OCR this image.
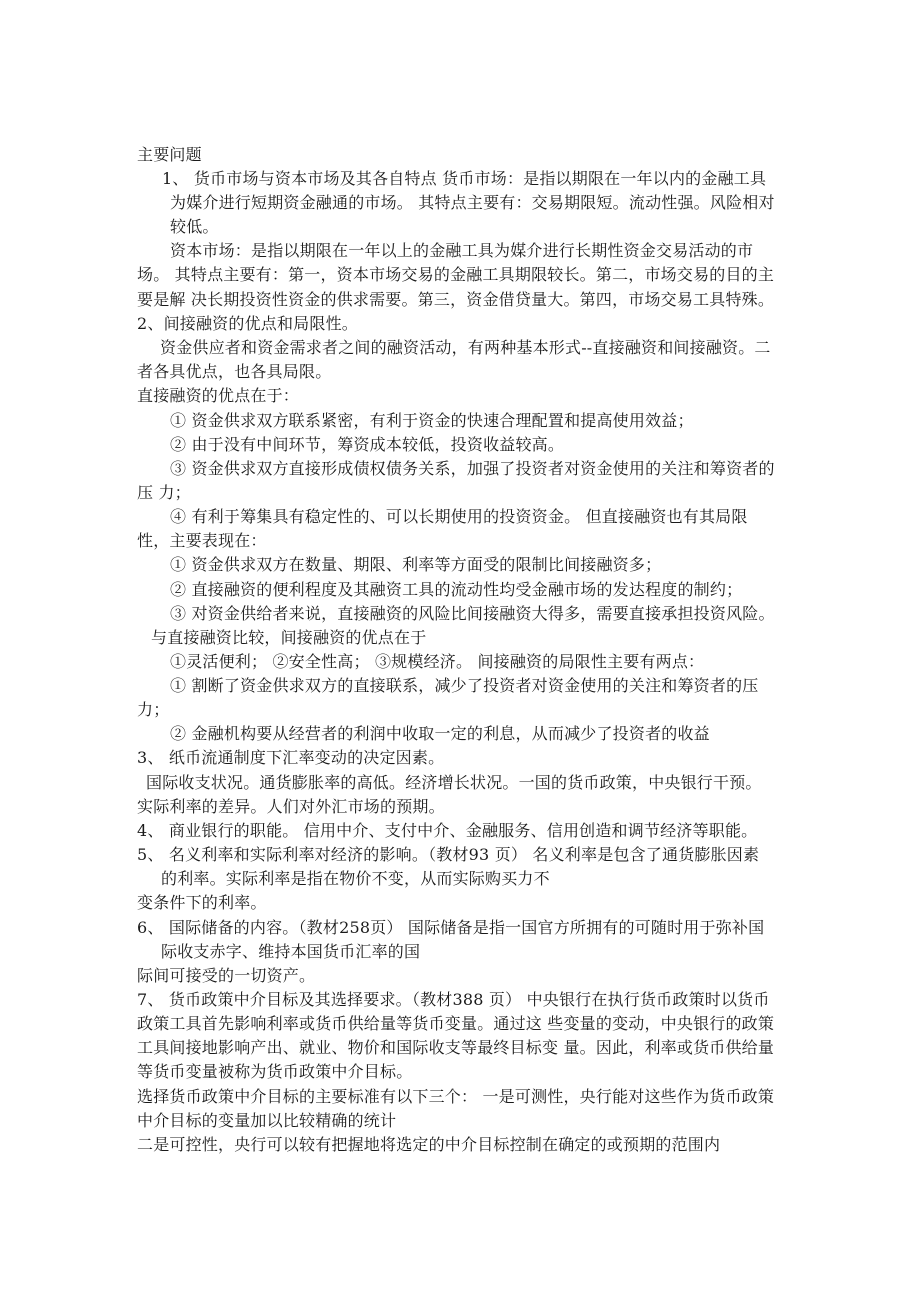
主要问题
1、 货币市场与资本市场及其各自特点 货币市场：是指以期限在一年以内的金融工具
为媒介进行短期资金融通的市场。 其特点主要有：交易期限短。流动性强。风险相对
较低。
资本市场：是指以期限在一年以上的金融工具为媒介进行长期性资金交易活动的市
场。 其特点主要有：第一，资本市场交易的金融工具期限较长。第二，市场交易的目的主
要是解 决长期投资性资金的供求需要。第三，资金借贷量大。第四，市场交易工具特殊。
2、间接融资的优点和局限性。
资金供应者和资金需求者之间的融资活动，有两种基本形式--直接融资和间接融资。二
者各具优点，也各具局限。
直接融资的优点在于：
① 资金供求双方联系紧密，有利于资金的快速合理配置和提高使用效益；
② 由于没有中间环节，筹资成本较低，投资收益较高。
③ 资金供求双方直接形成债权债务关系，加强了投资者对资金使用的关注和筹资者的
压 力；
④ 有利于筹集具有稳定性的、可以长期使用的投资资金。 但直接融资也有其局限
性，主要表现在：
① 资金供求双方在数量、期限、利率等方面受的限制比间接融资多；
② 直接融资的便利程度及其融资工具的流动性均受金融市场的发达程度的制约；
③ 对资金供给者来说，直接融资的风险比间接融资大得多，需要直接承担投资风险。
与直接融资比较，间接融资的优点在于
①灵活便利； ②安全性高； ③规模经济。 间接融资的局限性主要有两点：
① 割断了资金供求双方的直接联系，减少了投资者对资金使用的关注和筹资者的压
力；
② 金融机构要从经营者的利润中收取一定的利息，从而减少了投资者的收益
3、 纸币流通制度下汇率变动的决定因素。
国际收支状况。通货膨胀率的高低。经济增长状况。一国的货币政策，中央银行干预。
实际利率的差异。人们对外汇市场的预期。
4、 商业银行的职能。 信用中介、支付中介、金融服务、信用创造和调节经济等职能。
5、 名义利率和实际利率对经济的影响。（教材93 页） 名义利率是包含了通货膨胀因素
的利率。实际利率是指在物价不变，从而实际购买力不
变条件下的利率。
6、 国际储备的内容。（教材258页） 国际储备是指一国官方所拥有的可随时用于弥补国
际收支赤字、维持本国货币汇率的国
际间可接受的一切资产。
7、 货币政策中介目标及其选择要求。（教材388 页） 中央银行在执行货币政策时以货币
政策工具首先影响利率或货币供给量等货币变量。通过这 些变量的变动，中央银行的政策
工具间接地影响产出、就业、物价和国际收支等最终目标变 量。因此，利率或货币供给量
等货币变量被称为货币政策中介目标。
选择货币政策中介目标的主要标准有以下三个： 一是可测性，央行能对这些作为货币政策
中介目标的变量加以比较精确的统计
二是可控性，央行可以较有把握地将选定的中介目标控制在确定的或预期的范围内
